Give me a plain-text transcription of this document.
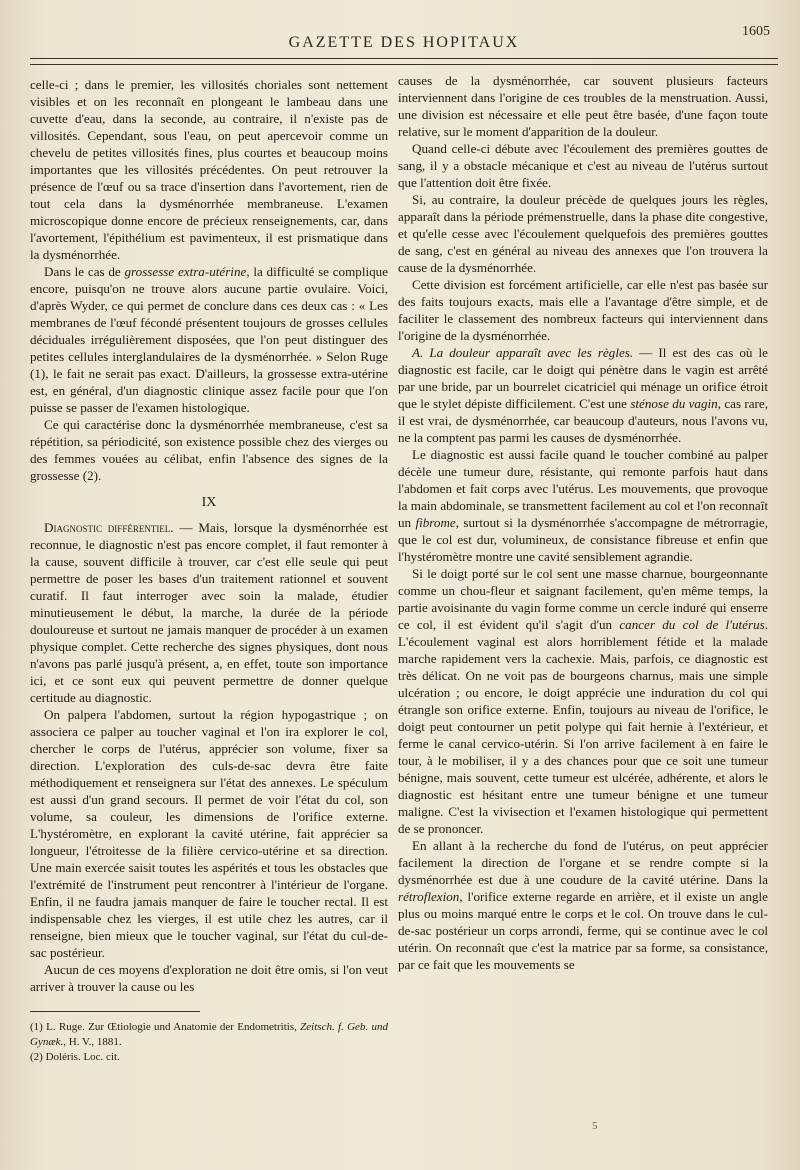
GAZETTE DES HOPITAUX
1605

celle-ci ; dans le premier, les villosités choriales sont nettement visibles et on les reconnaît en plongeant le lambeau dans une cuvette d'eau, dans la seconde, au contraire, il n'existe pas de villosités. Cependant, sous l'eau, on peut apercevoir comme un chevelu de petites villosités fines, plus courtes et beaucoup moins importantes que les villosités précédentes. On peut retrouver la présence de l'œuf ou sa trace d'insertion dans l'avortement, rien de tout cela dans la dysménorrhée membraneuse. L'examen microscopique donne encore de précieux renseignements, car, dans l'avortement, l'épithélium est pavimenteux, il est prismatique dans la dysménorrhée.

Dans le cas de grossesse extra-utérine, la difficulté se complique encore, puisqu'on ne trouve alors aucune partie ovulaire. Voici, d'après Wyder, ce qui permet de conclure dans ces deux cas : « Les membranes de l'œuf fécondé présentent toujours de grosses cellules déciduales irrégulièrement disposées, que l'on peut distinguer des petites cellules interglandulaires de la dysménorrhée. » Selon Ruge (1), le fait ne serait pas exact. D'ailleurs, la grossesse extra-utérine est, en général, d'un diagnostic clinique assez facile pour que l'on puisse se passer de l'examen histologique.

Ce qui caractérise donc la dysménorrhée membraneuse, c'est sa répétition, sa périodicité, son existence possible chez des vierges ou des femmes vouées au célibat, enfin l'absence des signes de la grossesse (2).

IX

Diagnostic différentiel. — Mais, lorsque la dysménorrhée est reconnue, le diagnostic n'est pas encore complet, il faut remonter à la cause, souvent difficile à trouver, car c'est elle seule qui peut permettre de poser les bases d'un traitement rationnel et souvent curatif. Il faut interroger avec soin la malade, étudier minutieusement le début, la marche, la durée de la période douloureuse et surtout ne jamais manquer de procéder à un examen physique complet. Cette recherche des signes physiques, dont nous n'avons pas parlé jusqu'à présent, a, en effet, toute son importance ici, et ce sont eux qui peuvent permettre de donner quelque certitude au diagnostic.

On palpera l'abdomen, surtout la région hypogastrique ; on associera ce palper au toucher vaginal et l'on ira explorer le col, chercher le corps de l'utérus, apprécier son volume, fixer sa direction. L'exploration des culs-de-sac devra être faite méthodiquement et renseignera sur l'état des annexes. Le spéculum est aussi d'un grand secours. Il permet de voir l'état du col, son volume, sa couleur, les dimensions de l'orifice externe. L'hystéromètre, en explorant la cavité utérine, fait apprécier sa longueur, l'étroitesse de la filière cervico-utérine et sa direction. Une main exercée saisit toutes les aspérités et tous les obstacles que l'extrémité de l'instrument peut rencontrer à l'intérieur de l'organe. Enfin, il ne faudra jamais manquer de faire le toucher rectal. Il est indispensable chez les vierges, il est utile chez les autres, car il renseigne, bien mieux que le toucher vaginal, sur l'état du cul-de-sac postérieur.

Aucun de ces moyens d'exploration ne doit être omis, si l'on veut arriver à trouver la cause ou les

(1) L. Ruge. Zur Œtiologie und Anatomie der Endometritis, Zeitsch. f. Geb. und Gynæk., H. V., 1881.

(2) Doléris. Loc. cit.

causes de la dysménorrhée, car souvent plusieurs facteurs interviennent dans l'origine de ces troubles de la menstruation. Aussi, une division est nécessaire et elle peut être basée, d'une façon toute relative, sur le moment d'apparition de la douleur.

Quand celle-ci débute avec l'écoulement des premières gouttes de sang, il y a obstacle mécanique et c'est au niveau de l'utérus surtout que l'attention doit être fixée.

Si, au contraire, la douleur précède de quelques jours les règles, apparaît dans la période prémenstruelle, dans la phase dite congestive, et qu'elle cesse avec l'écoulement quelquefois des premières gouttes de sang, c'est en général au niveau des annexes que l'on trouvera la cause de la dysménorrhée.

Cette division est forcément artificielle, car elle n'est pas basée sur des faits toujours exacts, mais elle a l'avantage d'être simple, et de faciliter le classement des nombreux facteurs qui interviennent dans l'origine de la dysménorrhée.

A. La douleur apparaît avec les règles. — Il est des cas où le diagnostic est facile, car le doigt qui pénètre dans le vagin est arrêté par une bride, par un bourrelet cicatriciel qui ménage un orifice étroit que le stylet dépiste difficilement. C'est une sténose du vagin, cas rare, il est vrai, de dysménorrhée, car beaucoup d'auteurs, nous l'avons vu, ne la comptent pas parmi les causes de dysménorrhée.

Le diagnostic est aussi facile quand le toucher combiné au palper décèle une tumeur dure, résistante, qui remonte parfois haut dans l'abdomen et fait corps avec l'utérus. Les mouvements, que provoque la main abdominale, se transmettent facilement au col et l'on reconnaît un fibrome, surtout si la dysménorrhée s'accompagne de métrorragie, que le col est dur, volumineux, de consistance fibreuse et enfin que l'hystéromètre montre une cavité sensiblement agrandie.

Si le doigt porté sur le col sent une masse charnue, bourgeonnante comme un chou-fleur et saignant facilement, qu'en même temps, la partie avoisinante du vagin forme comme un cercle induré qui enserre ce col, il est évident qu'il s'agit d'un cancer du col de l'utérus. L'écoulement vaginal est alors horriblement fétide et la malade marche rapidement vers la cachexie. Mais, parfois, ce diagnostic est très délicat. On ne voit pas de bourgeons charnus, mais une simple ulcération ; ou encore, le doigt apprécie une induration du col qui étrangle son orifice externe. Enfin, toujours au niveau de l'orifice, le doigt peut contourner un petit polype qui fait hernie à l'extérieur, et ferme le canal cervico-utérin. Si l'on arrive facilement à en faire le tour, à le mobiliser, il y a des chances pour que ce soit une tumeur bénigne, mais souvent, cette tumeur est ulcérée, adhérente, et alors le diagnostic est hésitant entre une tumeur bénigne et une tumeur maligne. C'est la vivisection et l'examen histologique qui permettent de se prononcer.

En allant à la recherche du fond de l'utérus, on peut apprécier facilement la direction de l'organe et se rendre compte si la dysménorrhée est due à une coudure de la cavité utérine. Dans la rétroflexion, l'orifice externe regarde en arrière, et il existe un angle plus ou moins marqué entre le corps et le col. On trouve dans le cul-de-sac postérieur un corps arrondi, ferme, qui se continue avec le col utérin. On reconnaît que c'est la matrice par sa forme, sa consistance, par ce fait que les mouvements se

5
